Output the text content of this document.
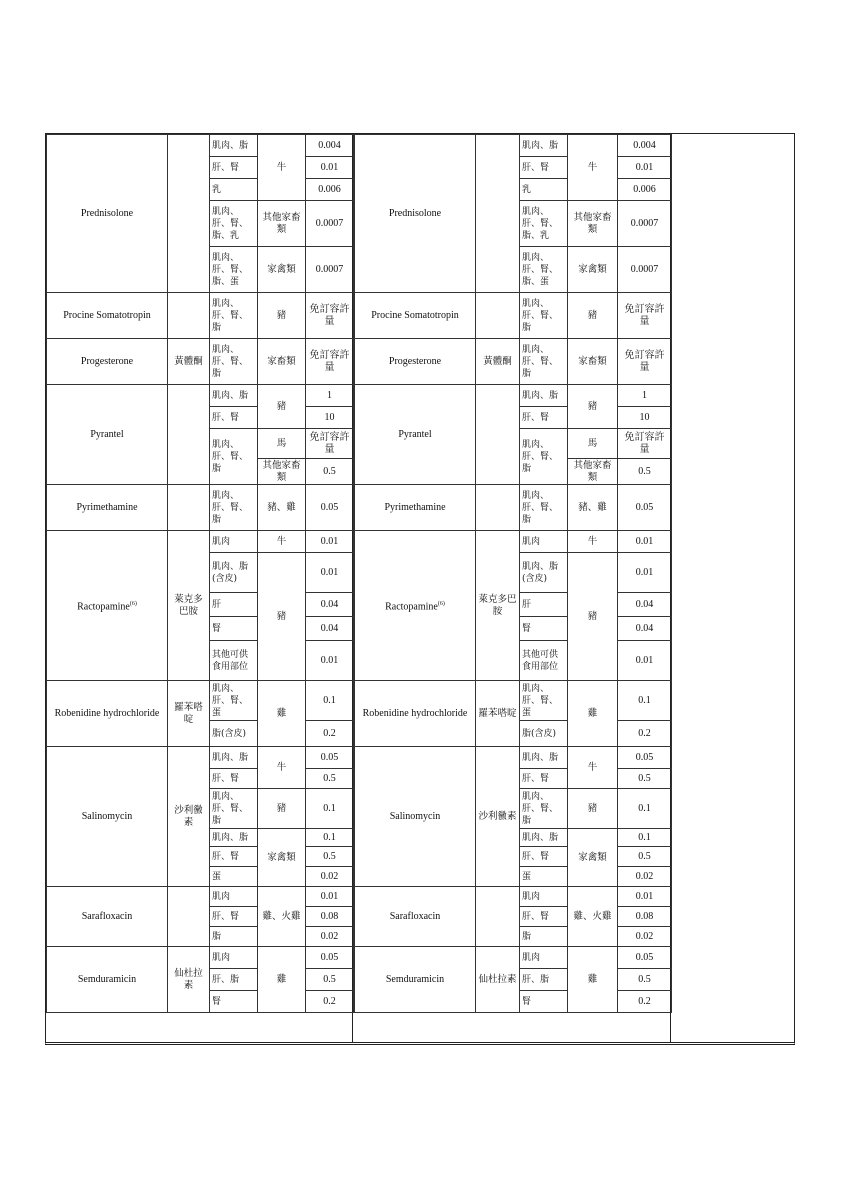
Prednisolone		肌肉、脂	牛	0.004
		肝、腎		0.01
		乳		0.006
		肌肉、肝、腎、脂、乳	其他家畜類	0.0007
		肌肉、肝、腎、脂、蛋	家禽類	0.0007
Procine Somatotropin		肌肉、肝、腎、脂	豬	免訂容許量
Progesterone	黃體酮	肌肉、肝、腎、脂	家畜類	免訂容許量
Pyrantel		肌肉、脂	豬	1
		肝、腎		10
		肌肉、肝、腎、脂	馬	免訂容許量
			其他家畜類	0.5
Pyrimethamine		肌肉、肝、腎、脂	豬、雞	0.05
Ractopamine$^{(6)}$	萊克多巴胺	肌肉	牛	0.01
		肌肉、脂(含皮)	豬	0.01
		肝		0.04
		腎		0.04
		其他可供食用部位		0.01
Robenidine hydrochloride	羅苯嗒啶	肌肉、肝、腎、蛋	雞	0.1
		脂(含皮)		0.2
Salinomycin	沙利黴素	肌肉、脂	牛	0.05
		肝、腎		0.5
		肌肉、肝、腎、脂	豬	0.1
		肌肉、脂	家禽類	0.1
		肝、腎		0.5
		蛋		0.02
Sarafloxacin		肌肉	雞、火雞	0.01
		肝、腎		0.08
		脂		0.02
Semduramicin	仙杜拉素	肌肉	雞	0.05
		肝、脂		0.5
		腎		0.2
Prednisolone		肌肉、脂	牛	0.004
		肝、腎		0.01
		乳		0.006
		肌肉、肝、腎、脂、乳	其他家畜類	0.0007
		肌肉、肝、腎、脂、蛋	家禽類	0.0007
Procine Somatotropin		肌肉、肝、腎、脂	豬	免訂容許量
Progesterone	黃體酮	肌肉、肝、腎、脂	家畜類	免訂容許量
Pyrantel		肌肉、脂	豬	1
		肝、腎		10
		肌肉、肝、腎、脂	馬	免訂容許量
			其他家畜類	0.5
Pyrimethamine		肌肉、肝、腎、脂	豬、雞	0.05
Ractopamine$^{(6)}$	萊克多巴胺	肌肉	牛	0.01
		肌肉、脂(含皮)	豬	0.01
		肝		0.04
		腎		0.04
		其他可供食用部位		0.01
Robenidine hydrochloride	羅苯嗒啶	肌肉、肝、腎、蛋	雞	0.1
		脂(含皮)		0.2
Salinomycin	沙利黴素	肌肉、脂	牛	0.05
		肝、腎		0.5
		肌肉、肝、腎、脂	豬	0.1
		肌肉、脂	家禽類	0.1
		肝、腎		0.5
		蛋		0.02
Sarafloxacin		肌肉	雞、火雞	0.01
		肝、腎		0.08
		脂		0.02
Semduramicin	仙杜拉素	肌肉	雞	0.05
		肝、脂		0.5
		腎		0.2
